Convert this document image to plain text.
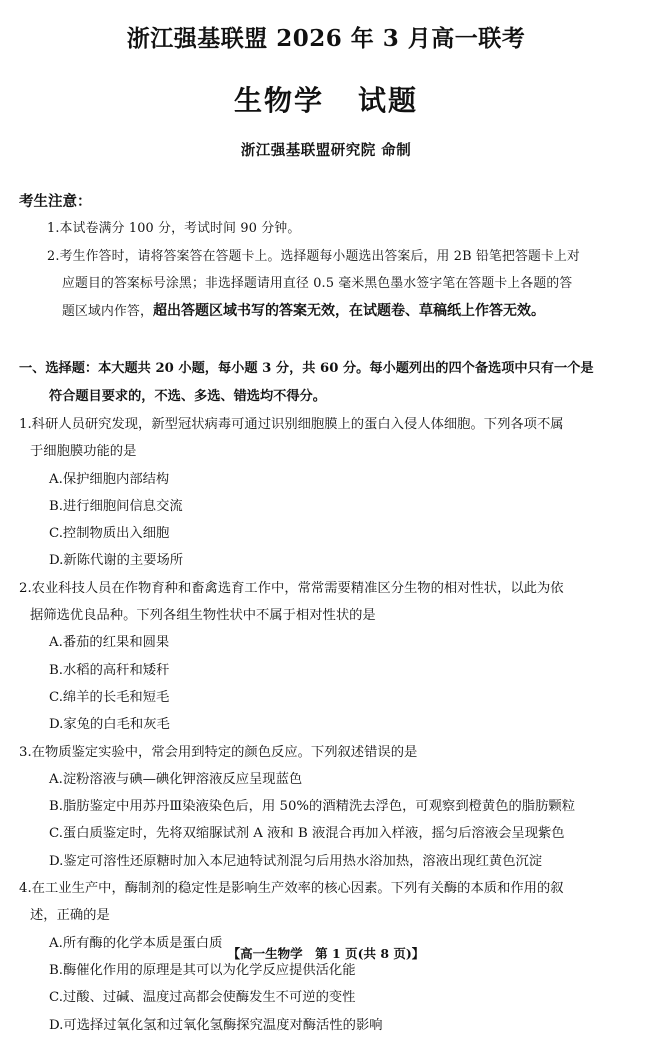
浙江强基联盟 2026 年 3 月高一联考
生物学 试题
浙江强基联盟研究院 命制
考生注意：

1.本试卷满分 100 分，考试时间 90 分钟。

2.考生作答时，请将答案答在答题卡上。选择题每小题选出答案后，用 2B 铅笔把答题卡上对

应题目的答案标号涂黑；非选择题请用直径 0.5 毫米黑色墨水签字笔在答题卡上各题的答

题区域内作答，超出答题区域书写的答案无效，在试题卷、草稿纸上作答无效。

一、选择题：本大题共 20 小题，每小题 3 分，共 60 分。每小题列出的四个备选项中只有一个是

符合题目要求的，不选、多选、错选均不得分。

1.科研人员研究发现，新型冠状病毒可通过识别细胞膜上的蛋白入侵人体细胞。下列各项不属

于细胞膜功能的是

A.保护细胞内部结构
B.进行细胞间信息交流
C.控制物质出入细胞
D.新陈代谢的主要场所

2.农业科技人员在作物育种和畜禽选育工作中，常常需要精准区分生物的相对性状，以此为依

据筛选优良品种。下列各组生物性状中不属于相对性状的是

A.番茄的红果和圆果
B.水稻的高秆和矮秆
C.绵羊的长毛和短毛
D.家兔的白毛和灰毛

3.在物质鉴定实验中，常会用到特定的颜色反应。下列叙述错误的是

A.淀粉溶液与碘—碘化钾溶液反应呈现蓝色
B.脂肪鉴定中用苏丹Ⅲ染液染色后，用 50%的酒精洗去浮色，可观察到橙黄色的脂肪颗粒
C.蛋白质鉴定时，先将双缩脲试剂 A 液和 B 液混合再加入样液，摇匀后溶液会呈现紫色
D.鉴定可溶性还原糖时加入本尼迪特试剂混匀后用热水浴加热，溶液出现红黄色沉淀

4.在工业生产中，酶制剂的稳定性是影响生产效率的核心因素。下列有关酶的本质和作用的叙

述，正确的是

A.所有酶的化学本质是蛋白质
B.酶催化作用的原理是其可以为化学反应提供活化能
C.过酸、过碱、温度过高都会使酶发生不可逆的变性
D.可选择过氧化氢和过氧化氢酶探究温度对酶活性的影响
【高一生物学　第 1 页(共 8 页)】
